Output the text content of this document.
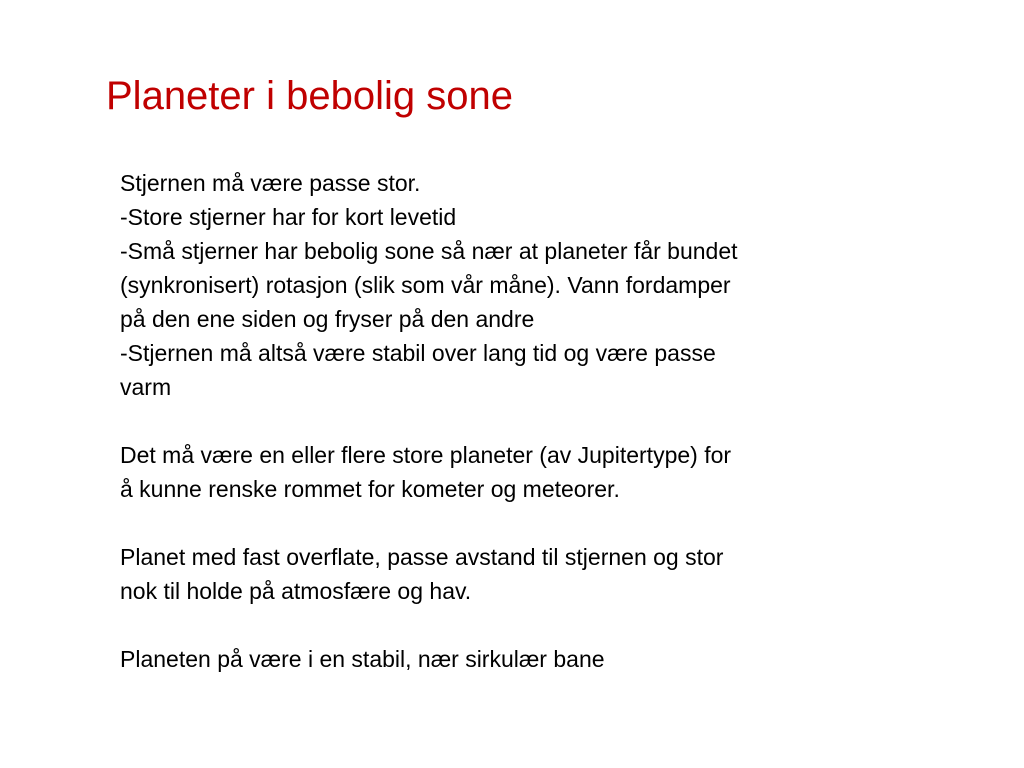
Planeter i bebolig sone

Stjernen må være passe stor.
-Store stjerner har for kort levetid
-Små stjerner har bebolig sone så nær at planeter får bundet
(synkronisert) rotasjon (slik som vår måne). Vann fordamper
på den ene siden og fryser på den andre
-Stjernen må altså være stabil over lang tid og være passe
varm

Det må være en eller flere store planeter (av Jupitertype) for
å kunne renske rommet for kometer og meteorer.

Planet med fast overflate, passe avstand til stjernen og stor
nok til holde på atmosfære og hav.

Planeten på være i en stabil, nær sirkulær bane
